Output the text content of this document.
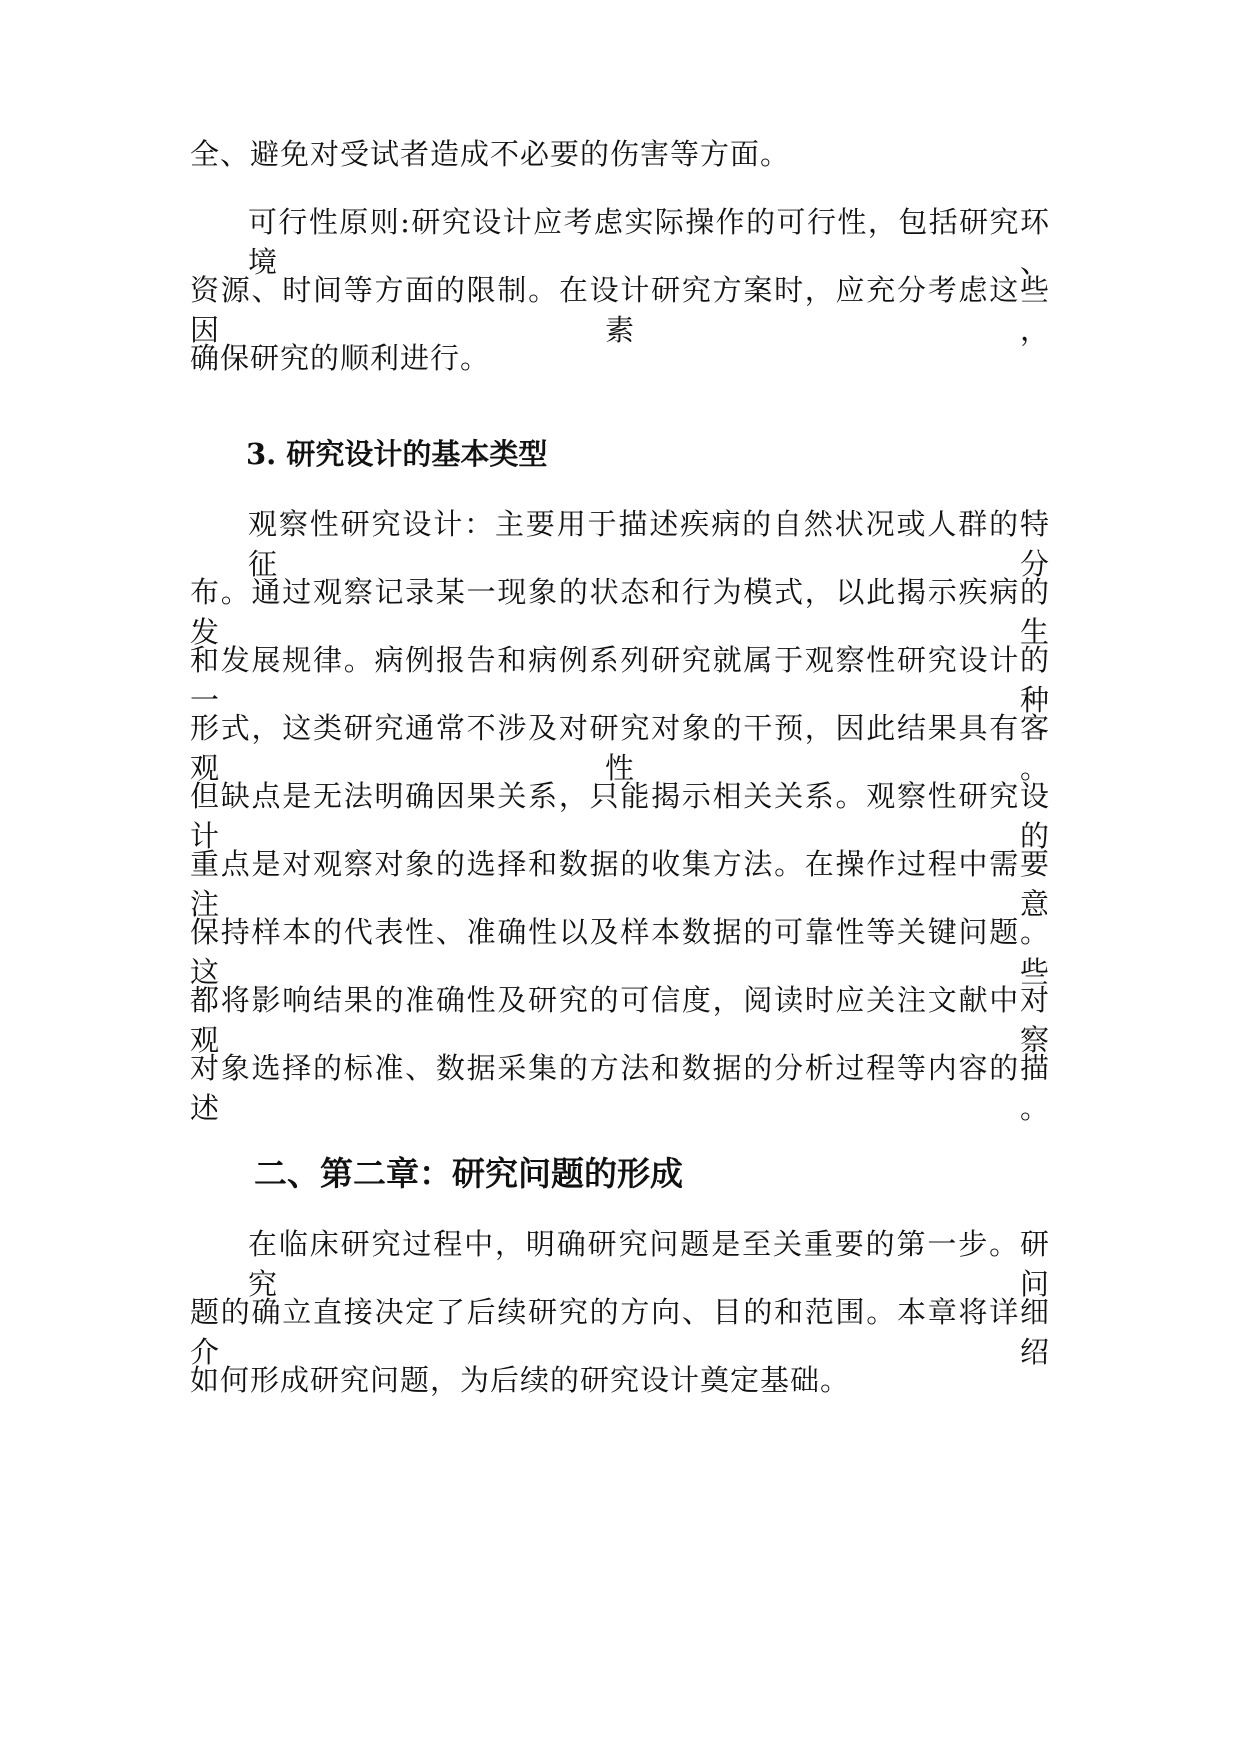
全、避免对受试者造成不必要的伤害等方面。
可行性原则:研究设计应考虑实际操作的可行性，包括研究环境、
资源、时间等方面的限制。在设计研究方案时，应充分考虑这些因素，
确保研究的顺利进行。
3. 研究设计的基本类型
观察性研究设计：主要用于描述疾病的自然状况或人群的特征分
布。通过观察记录某一现象的状态和行为模式，以此揭示疾病的发生
和发展规律。病例报告和病例系列研究就属于观察性研究设计的一种
形式，这类研究通常不涉及对研究对象的干预，因此结果具有客观性。
但缺点是无法明确因果关系，只能揭示相关关系。观察性研究设计的
重点是对观察对象的选择和数据的收集方法。在操作过程中需要注意
保持样本的代表性、准确性以及样本数据的可靠性等关键问题。这些
都将影响结果的准确性及研究的可信度，阅读时应关注文献中对观察
对象选择的标准、数据采集的方法和数据的分析过程等内容的描述。
二、第二章：研究问题的形成
在临床研究过程中，明确研究问题是至关重要的第一步。研究问
题的确立直接决定了后续研究的方向、目的和范围。本章将详细介绍
如何形成研究问题，为后续的研究设计奠定基础。
